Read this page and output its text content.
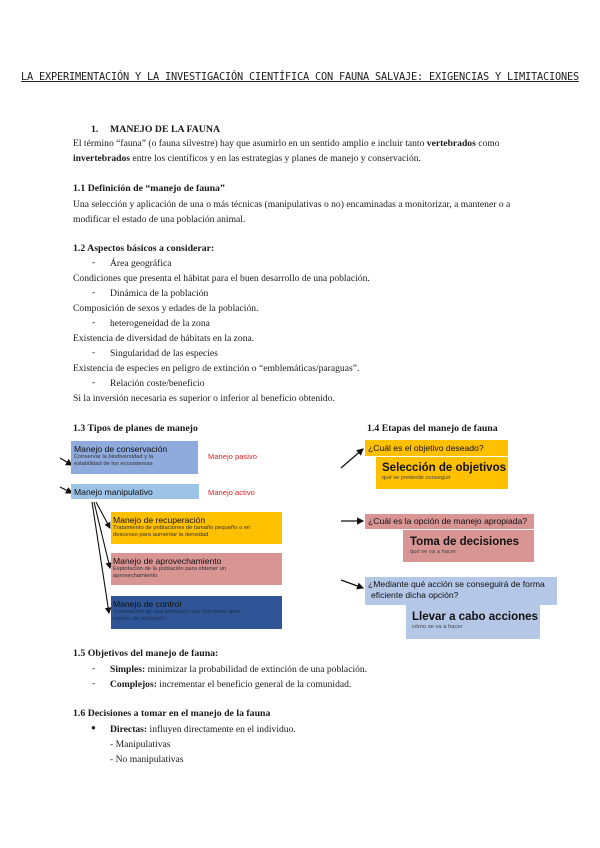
LA EXPERIMENTACIÓN Y LA INVESTIGACIÓN CIENTÍFICA CON FAUNA SALVAJE: EXIGENCIAS Y LIMITACIONES
1. MANEJO DE LA FAUNA
El término “fauna” (o fauna silvestre) hay que asumirlo en un sentido amplio e incluir tanto vertebrados como
invertebrados entre los científicos y en las estrategias y planes de manejo y conservación.
1.1 Definición de “manejo de fauna”
Una selección y aplicación de una o más técnicas (manipulativas o no) encaminadas a monitorizar, a mantener o a
modificar el estado de una población animal.
1.2 Aspectos básicos a considerar:
- Área geográfica
Condiciones que presenta el hábitat para el buen desarrollo de una población.
- Dinámica de la población
Composición de sexos y edades de la población.
- heterogeneidad de la zona
Existencia de diversidad de hábitats en la zona.
- Singularidad de las especies
Existencia de especies en peligro de extinción o “emblemáticas/paraguas”.
- Relación coste/beneficio
Si la inversión necesaria es superior o inferior al beneficio obtenido.
1.3 Tipos de planes de manejo	1.4 Etapas del manejo de fauna
Manejo de conservación
Conservar la biodiversidad y la
estabilidad de los ecosistemas
Manejo pasivo
Manejo manipulativo	Manejo activo
Manejo de recuperación
Tratamiento de poblaciones de tamaño pequeño o en
descenso para aumentar la densidad
Manejo de aprovechamiento
Explotación de la población para obtener un
aprovechamiento
Manejo de control
Tratamiento de una población que mantiene altos
niveles de población
¿Cuál es el objetivo deseado?
Selección de objetivos
qué se pretende conseguir
¿Cuál es la opción de manejo apropiada?
Toma de decisiones
qué se va a hacer
¿Mediante qué acción se conseguirá de forma
eficiente dicha opción?
Llevar a cabo acciones
cómo se va a hacer
1.5 Objetivos del manejo de fauna:
- Simples: minimizar la probabilidad de extinción de una población.
- Complejos: incrementar el beneficio general de la comunidad.
1.6 Decisiones a tomar en el manejo de la fauna
● Directas: influyen directamente en el individuo.
- Manipulativas
- No manipulativas
